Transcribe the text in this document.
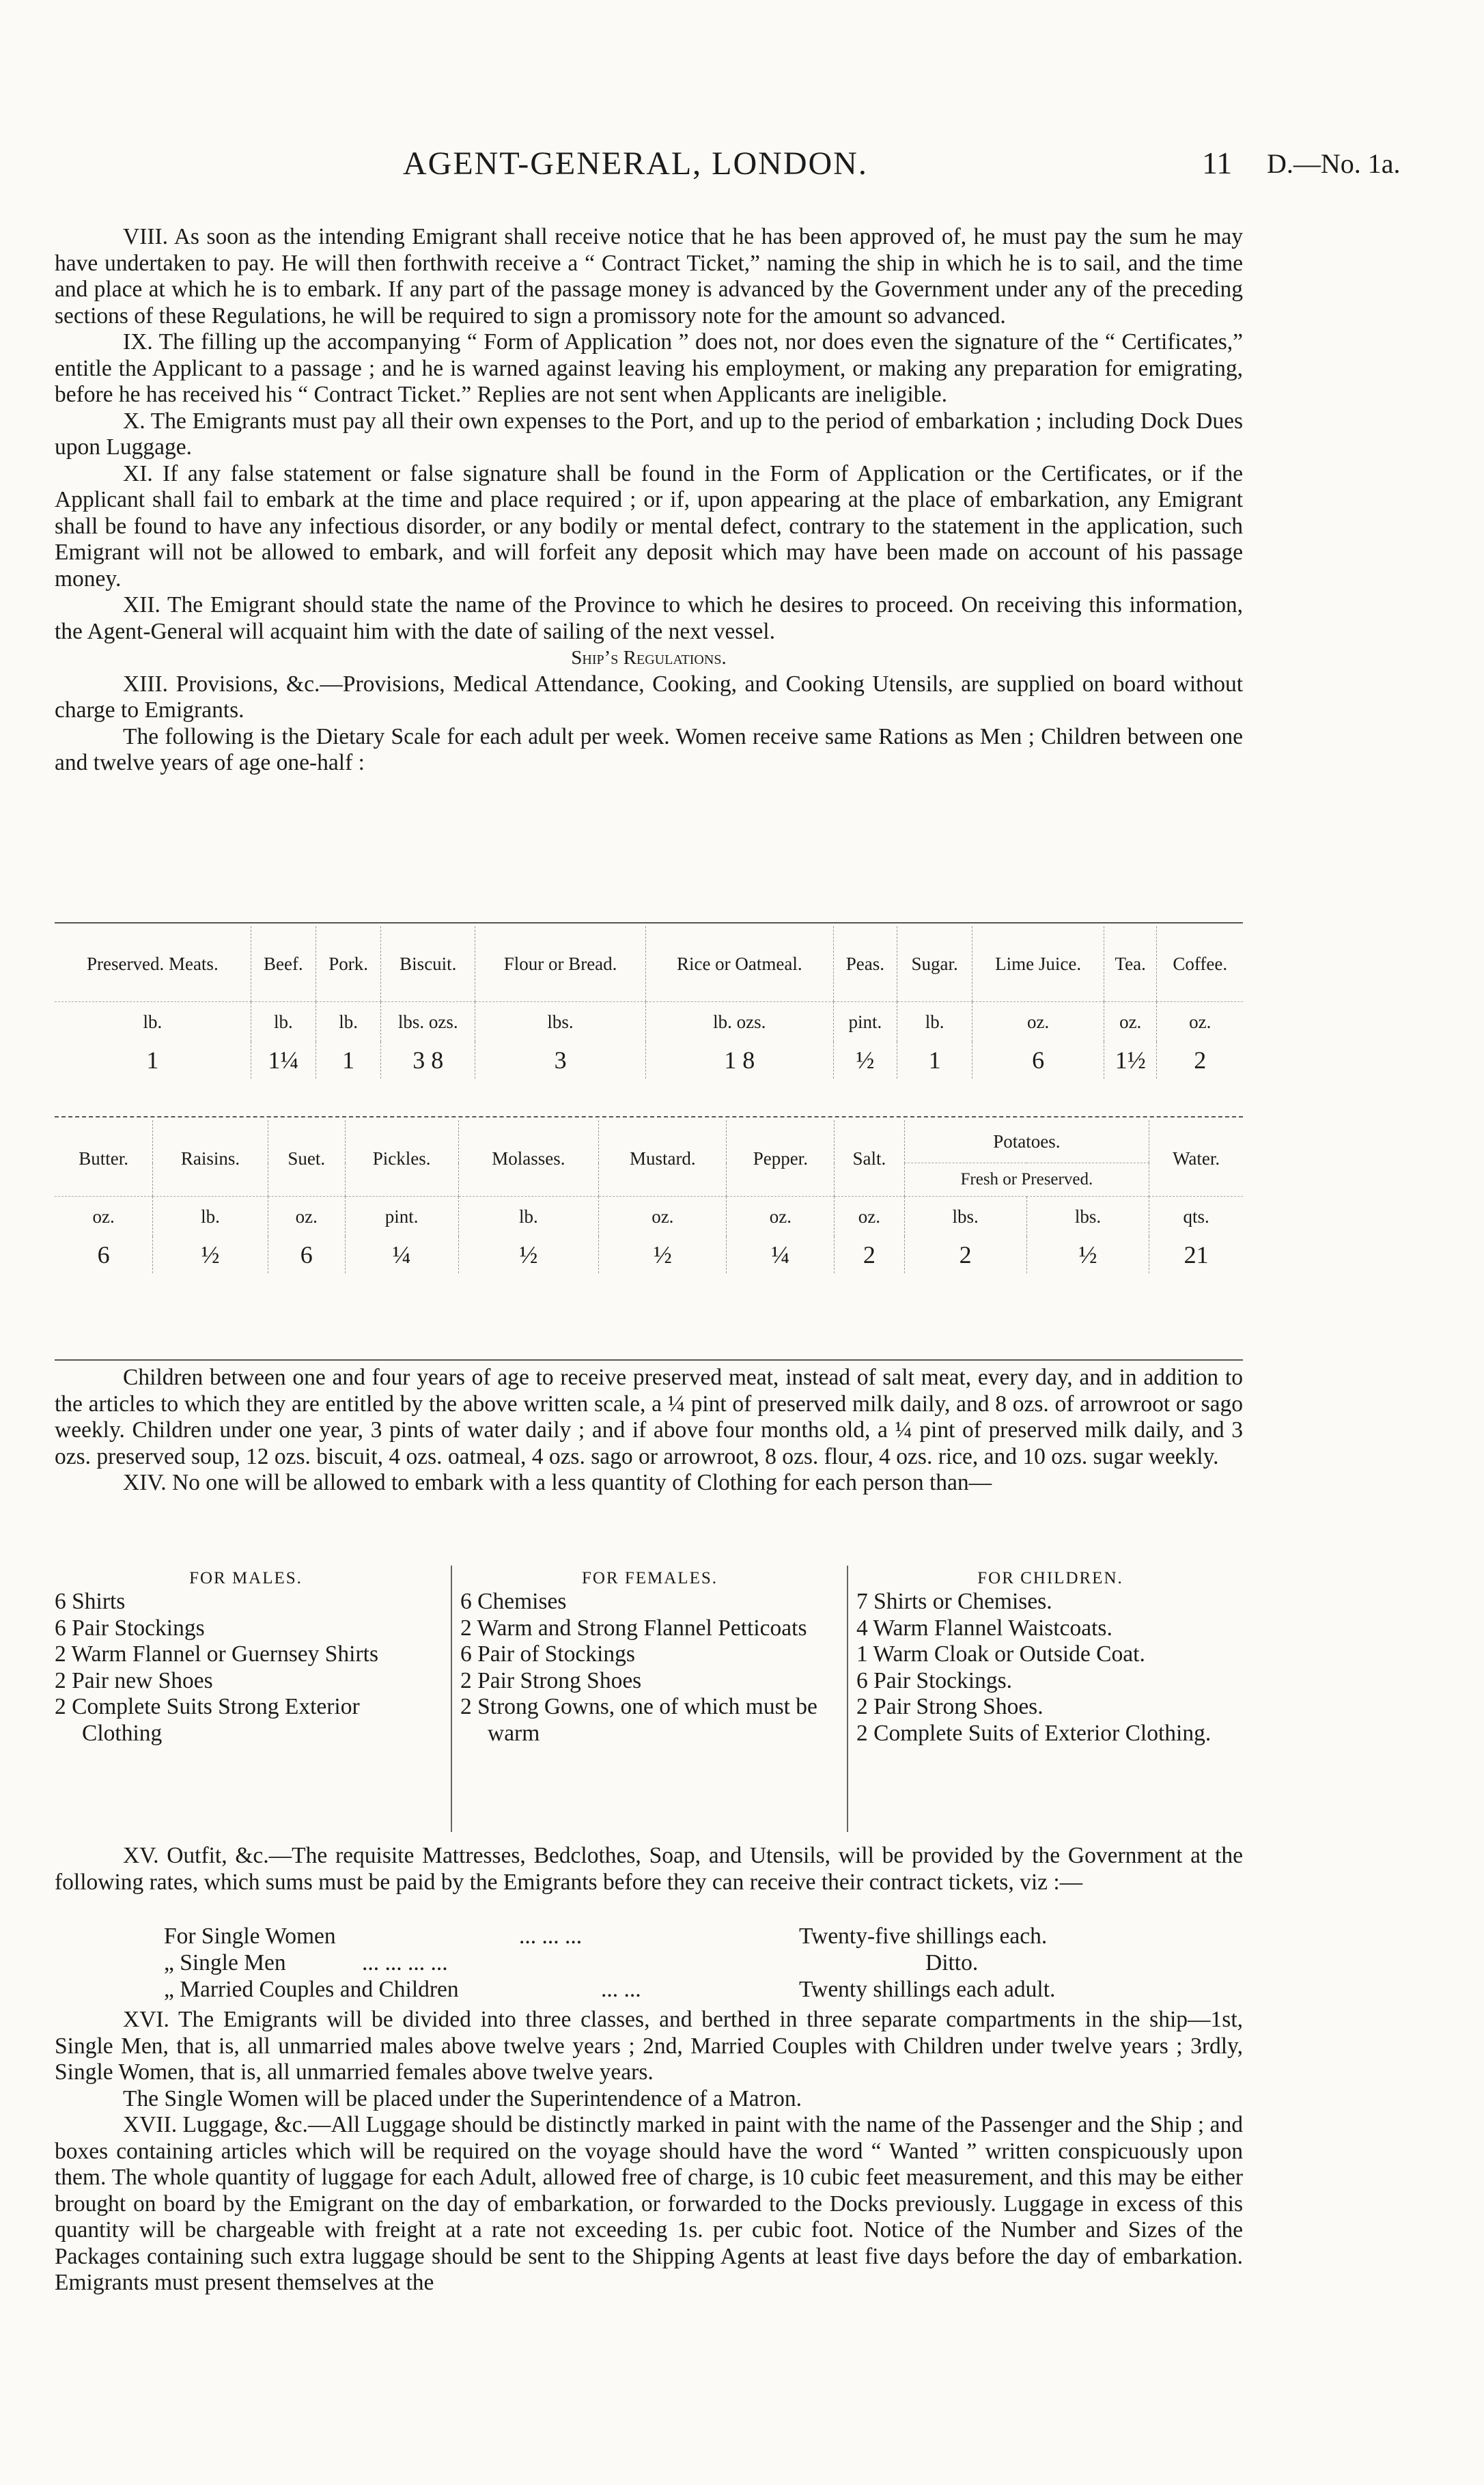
AGENT-GENERAL, LONDON.	11 D.—No. 1a.

VIII. As soon as the intending Emigrant shall receive notice that he has been approved of, he must pay the sum he may have undertaken to pay. He will then forthwith receive a “ Contract Ticket,” naming the ship in which he is to sail, and the time and place at which he is to embark. If any part of the passage money is advanced by the Government under any of the preceding sections of these Regulations, he will be required to sign a promissory note for the amount so advanced.

IX. The filling up the accompanying “ Form of Application ” does not, nor does even the signature of the “ Certificates,” entitle the Applicant to a passage ; and he is warned against leaving his employment, or making any preparation for emigrating, before he has received his “ Contract Ticket.” Replies are not sent when Applicants are ineligible.

X. The Emigrants must pay all their own expenses to the Port, and up to the period of embarkation ; including Dock Dues upon Luggage.

XI. If any false statement or false signature shall be found in the Form of Application or the Certificates, or if the Applicant shall fail to embark at the time and place required ; or if, upon appearing at the place of embarkation, any Emigrant shall be found to have any infectious disorder, or any bodily or mental defect, contrary to the statement in the application, such Emigrant will not be allowed to embark, and will forfeit any deposit which may have been made on account of his passage money.

XII. The Emigrant should state the name of the Province to which he desires to proceed. On receiving this information, the Agent-General will acquaint him with the date of sailing of the next vessel.

Ship’s Regulations.

XIII. Provisions, &c.—Provisions, Medical Attendance, Cooking, and Cooking Utensils, are supplied on board without charge to Emigrants.

The following is the Dietary Scale for each adult per week. Women receive same Rations as Men ; Children between one and twelve years of age one-half :

Preserved. Meats.	Beef.	Pork.	Biscuit.	Flour or Bread.	Rice or Oatmeal.	Peas.	Sugar.	Lime Juice.	Tea.	Coffee.
lb.	lb.	lb.	lbs. ozs.	lbs.	lb. ozs.	pint.	lb.	oz.	oz.	oz.
1	1¼	1	3 8	3	1 8	½	1	6	1½	2
Butter.	Raisins.	Suet.	Pickles.	Molasses.	Mustard.	Pepper.	Salt.	Potatoes.		Water.
								Fresh or Preserved.		
oz.	lb.	oz.	pint.	lb.	oz.	oz.	oz.	lbs.	lbs.	qts.
6	½	6	¼	½	½	¼	2	2	½	21

Children between one and four years of age to receive preserved meat, instead of salt meat, every day, and in addition to the articles to which they are entitled by the above written scale, a ¼ pint of preserved milk daily, and 8 ozs. of arrowroot or sago weekly. Children under one year, 3 pints of water daily ; and if above four months old, a ¼ pint of preserved milk daily, and 3 ozs. preserved soup, 12 ozs. biscuit, 4 ozs. oatmeal, 4 ozs. sago or arrowroot, 8 ozs. flour, 4 ozs. rice, and 10 ozs. sugar weekly.

XIV. No one will be allowed to embark with a less quantity of Clothing for each person than—

FOR MALES.
6 Shirts
6 Pair Stockings
2 Warm Flannel or Guernsey Shirts
2 Pair new Shoes
2 Complete Suits Strong Exterior Clothing
FOR FEMALES.
6 Chemises
2 Warm and Strong Flannel Petticoats
6 Pair of Stockings
2 Pair Strong Shoes
2 Strong Gowns, one of which must be warm
FOR CHILDREN.
7 Shirts or Chemises.
4 Warm Flannel Waistcoats.
1 Warm Cloak or Outside Coat.
6 Pair Stockings.
2 Pair Strong Shoes.
2 Complete Suits of Exterior Clothing.

XV. Outfit, &c.—The requisite Mattresses, Bedclothes, Soap, and Utensils, will be provided by the Government at the following rates, which sums must be paid by the Emigrants before they can receive their contract tickets, viz :—

For Single Women	... ... ...	Twenty-five shillings each.
„ Single Men	... ... ... ...	Ditto.
„ Married Couples and Children	... ...	Twenty shillings each adult.

XVI. The Emigrants will be divided into three classes, and berthed in three separate compartments in the ship—1st, Single Men, that is, all unmarried males above twelve years ; 2nd, Married Couples with Children under twelve years ; 3rdly, Single Women, that is, all unmarried females above twelve years.

The Single Women will be placed under the Superintendence of a Matron.

XVII. Luggage, &c.—All Luggage should be distinctly marked in paint with the name of the Passenger and the Ship ; and boxes containing articles which will be required on the voyage should have the word “ Wanted ” written conspicuously upon them. The whole quantity of luggage for each Adult, allowed free of charge, is 10 cubic feet measurement, and this may be either brought on board by the Emigrant on the day of embarkation, or forwarded to the Docks previously. Luggage in excess of this quantity will be chargeable with freight at a rate not exceeding 1s. per cubic foot. Notice of the Number and Sizes of the Packages containing such extra luggage should be sent to the Shipping Agents at least five days before the day of embarkation. Emigrants must present themselves at the
